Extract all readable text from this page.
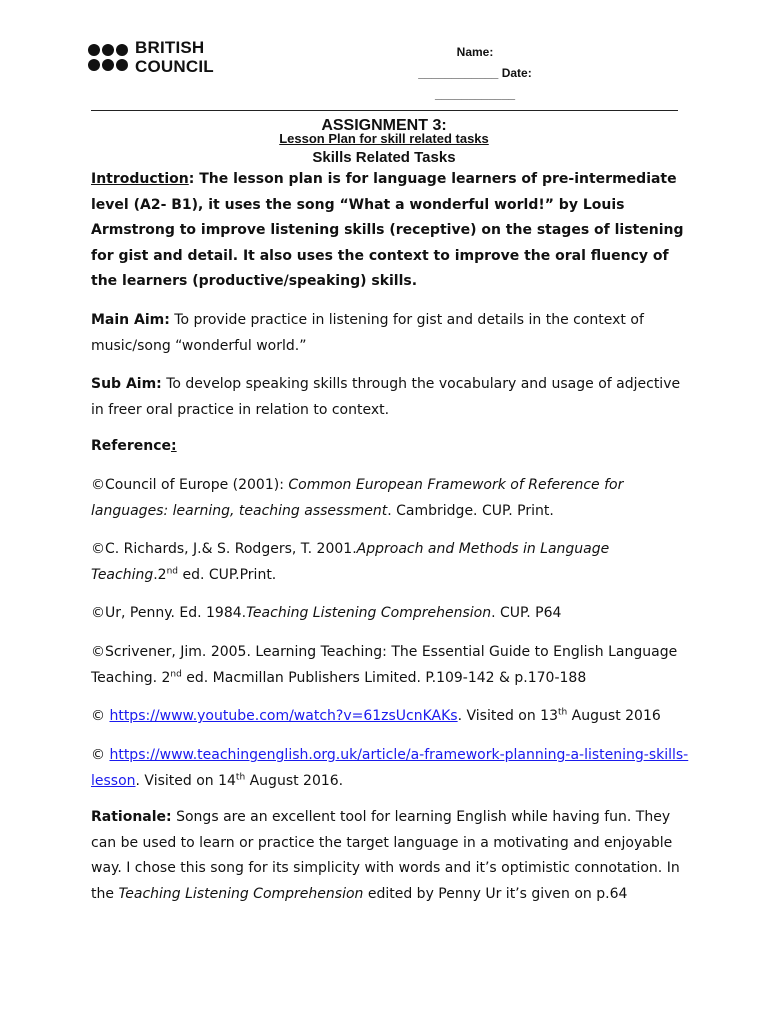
BRITISH
COUNCIL
Name:
____________ Date:
____________
ASSIGNMENT 3:
Lesson Plan for skill related tasks
Skills Related Tasks
Introduction: The lesson plan is for language learners of pre-intermediate level (A2- B1), it uses the song “What a wonderful world!” by Louis Armstrong to improve listening skills (receptive) on the stages of listening for gist and detail. It also uses the context to improve the oral fluency of the learners (productive/speaking) skills.
Main Aim: To provide practice in listening for gist and details in the context of music/song “wonderful world.”
Sub Aim: To develop speaking skills through the vocabulary and usage of adjective in freer oral practice in relation to context.
Reference:
©Council of Europe (2001): Common European Framework of Reference for languages: learning, teaching assessment. Cambridge. CUP. Print.
©C. Richards, J.& S. Rodgers, T. 2001.Approach and Methods in Language Teaching.2nd ed. CUP.Print.
©Ur, Penny. Ed. 1984.Teaching Listening Comprehension. CUP. P64
©Scrivener, Jim. 2005. Learning Teaching: The Essential Guide to English Language Teaching. 2nd ed. Macmillan Publishers Limited. P.109-142 & p.170-188
© https://www.youtube.com/watch?v=61zsUcnKAKs. Visited on 13th August 2016
© https://www.teachingenglish.org.uk/article/a-framework-planning-a-listening-skills-lesson. Visited on 14th August 2016.
Rationale: Songs are an excellent tool for learning English while having fun. They can be used to learn or practice the target language in a motivating and enjoyable way. I chose this song for its simplicity with words and it’s optimistic connotation. In the Teaching Listening Comprehension edited by Penny Ur it’s given on p.64
